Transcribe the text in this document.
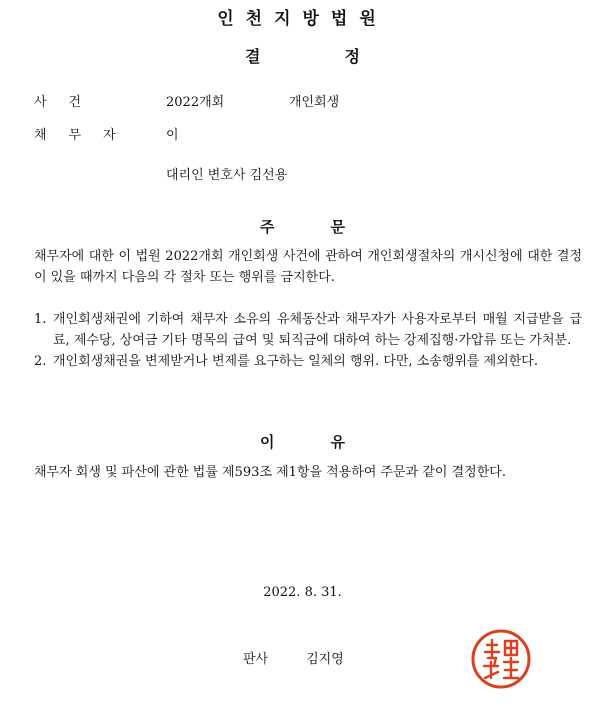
인천지방법원
결	정
사건	2022개회	개인회생
채무자 이
대리인 변호사 김선용
주	문
채무자에 대한 이 법원 2022개회 개인회생 사건에 관하여 개인회생절차의 개시신청에 대한 결정이 있을 때까지 다음의 각 절차 또는 행위를 금지한다.
1. 개인회생채권에 기하여 채무자 소유의 유체동산과 채무자가 사용자로부터 매월 지급받을 급료, 제수당, 상여금 기타 명목의 급여 및 퇴직금에 대하여 하는 강제집행·가압류 또는 가처분.
2. 개인회생채권을 변제받거나 변제를 요구하는 일체의 행위. 다만, 소송행위를 제외한다.
이	유
채무자 회생 및 파산에 관한 법률 제593조 제1항을 적용하여 주문과 같이 결정한다.
2022. 8. 31.
판사	김지영
